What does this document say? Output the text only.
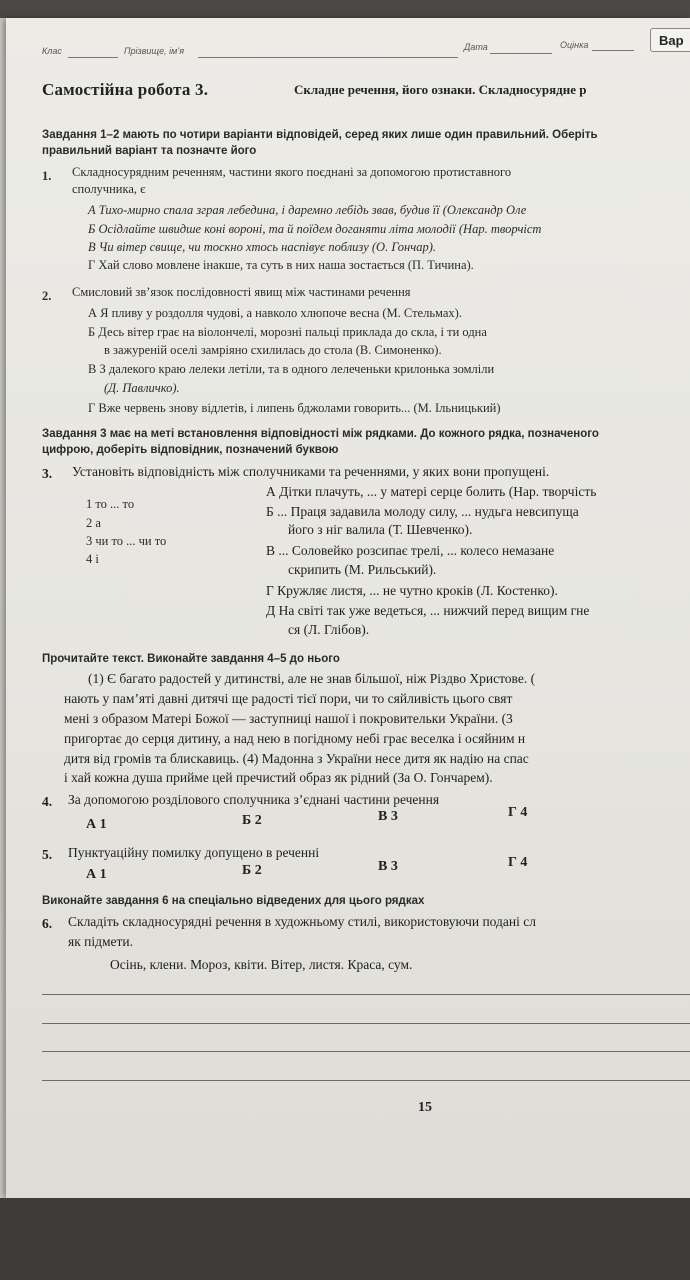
Клас	Прізвище, ім’я	Дата	Оцінка	Вар
Самостійна робота 3.	Складне речення, його ознаки. Складносурядне р
Завдання 1–2 мають по чотири варіанти відповідей, серед яких лише один правильний. Оберіть
правильний варіант та позначте його
1. Складносурядним реченням, частини якого поєднані за допомогою протиставного
сполучника, є
А Тихо-мирно спала зграя лебедина, і даремно лебідь звав, будив її (Олександр Оле
Б Осідлайте швидше коні вороні, та й поїдем доганяти літа молодії (Нар. творчіст
В Чи вітер свище, чи тоскно хтось наспівує поблизу (О. Гончар).
Г Хай слово мовлене інакше, та суть в них наша зостається (П. Тичина).
2. Смисловий зв’язок послідовності явищ між частинами речення
А Я пливу у роздолля чудові, а навколо хлюпоче весна (М. Стельмах).
Б Десь вітер грає на віолончелі, морозні пальці приклада до скла, і ти одна
в зажуреній оселі замріяно схилилась до стола (В. Симоненко).
В З далекого краю лелеки летіли, та в одного лелеченьки крилонька зомліли
(Д. Павличко).
Г Вже червень знову відлетів, і липень бджолами говорить... (М. Ільницький)
Завдання 3 має на меті встановлення відповідності між рядками. До кожного рядка, позначеного
цифрою, доберіть відповідник, позначений буквою
3. Установіть відповідність між сполучниками та реченнями, у яких вони пропущені.
1 то ... то
2 а
3 чи то ... чи то
4 і
А Дітки плачуть, ... у матері серце болить (Нар. творчість
Б ... Праця задавила молоду силу, ... нудьга невсипуща
його з ніг валила (Т. Шевченко).
В ... Соловейко розсипає трелі, ... колесо немазане
скрипить (М. Рильський).
Г Кружляє листя, ... не чутно кроків (Л. Костенко).
Д На світі так уже ведеться, ... нижчий перед вищим гне
ся (Л. Глібов).
Прочитайте текст. Виконайте завдання 4–5 до нього
(1) Є багато радостей у дитинстві, але не знав більшої, ніж Різдво Христове. (
нають у пам’яті давні дитячі ще радості тієї пори, чи то сяйливість цього свят
мені з образом Матері Божої — заступниці нашої і покровительки України. (3
пригортає до серця дитину, а над нею в погідному небі грає веселка і осяйним н
дитя від громів та блискавиць. (4) Мадонна з України несе дитя як надію на спас
і хай кожна душа прийме цей пречистий образ як рідний (За О. Гончарем).
4. За допомогою розділового сполучника з’єднані частини речення
А 1	Б 2	В 3	Г 4
5. Пунктуаційну помилку допущено в реченні
А 1	Б 2	В 3	Г 4
Виконайте завдання 6 на спеціально відведених для цього рядках
6. Складіть складносурядні речення в художньому стилі, використовуючи подані сл
як підмети.
Осінь, клени. Мороз, квіти. Вітер, листя. Краса, сум.
15
